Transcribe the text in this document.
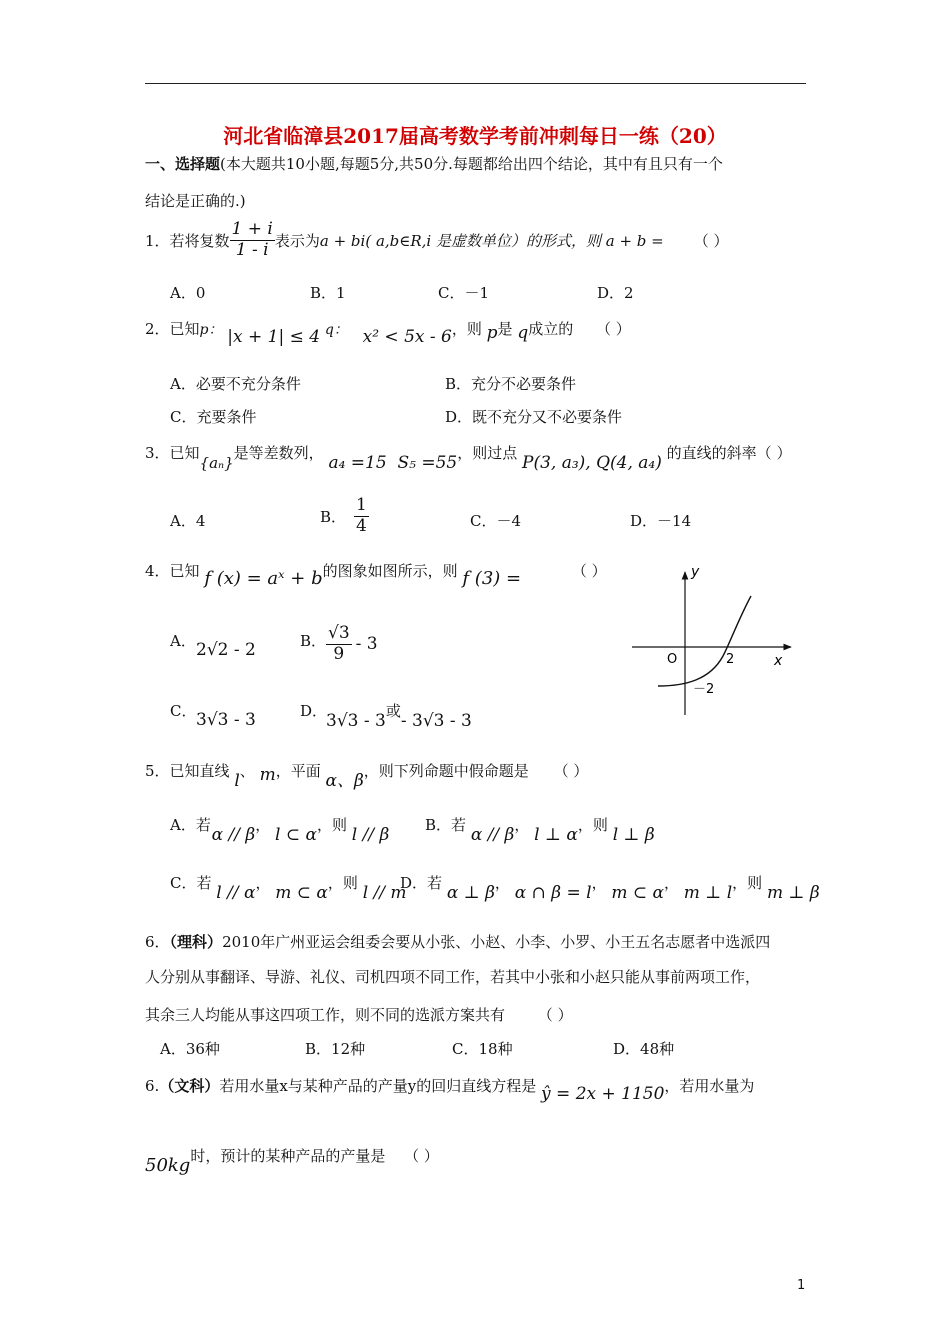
河北省临漳县2017届高考数学考前冲刺每日一练（20）
一、选择题(本大题共10小题,每题5分,共50分.每题都给出四个结论，其中有且只有一个
结论是正确的.)
1．若将复数 $\frac{1 + i}{1 - i}$ 表示为 a + bi( a,b∈R,i 是虚数单位）的形式，则 a + b = （ ）
A．0	B．1	C．－1	D．2
2．已知p： |x + 1| ≤ 4 q： x² < 5x - 6，则 p是 q成立的 （ ）
A．必要不充分条件	B．充分不必要条件
C．充要条件	D．既不充分又不必要条件
3．已知{aₙ}是等差数列， a₄ =15 S₅ =55，则过点 P(3, a₃), Q(4, a₄) 的直线的斜率（ ）
A．4	B． $\frac{1}{4}$	C．－4	D．－14
4．已知 f (x) = aˣ + b的图象如图所示，则 f (3) =	（ ）
A． 2√2 - 2	B． $\frac{√3}{9} - 3$
C． 3√3 - 3	D．
3√3 - 3或- 3√3 - 3
y
x
O	2
－2
5．已知直线 l、 m，平面 α、β，则下列命题中假命题是 （ ）
A．若 α // β， l ⊂ α，则 l // β B．若 α // β， l ⊥ α，则 l ⊥ β
C．若 l // α， m ⊂ α，则 l // m
D．若 α ⊥ β， α ∩ β = l， m ⊂ α， m ⊥ l，则 m ⊥ β
6．（理科）2010年广州亚运会组委会要从小张、小赵、小李、小罗、小王五名志愿者中选派四
人分别从事翻译、导游、礼仪、司机四项不同工作，若其中小张和小赵只能从事前两项工作，
其余三人均能从事这四项工作，则不同的选派方案共有 （ ）
A．36种	B．12种	C．18种	D．48种
6.（文科）若用水量x与某种产品的产量y的回归直线方程是 ŷ = 2x + 1150，若用水量为
50kg时，预计的某种产品的产量是 （ ）
1
